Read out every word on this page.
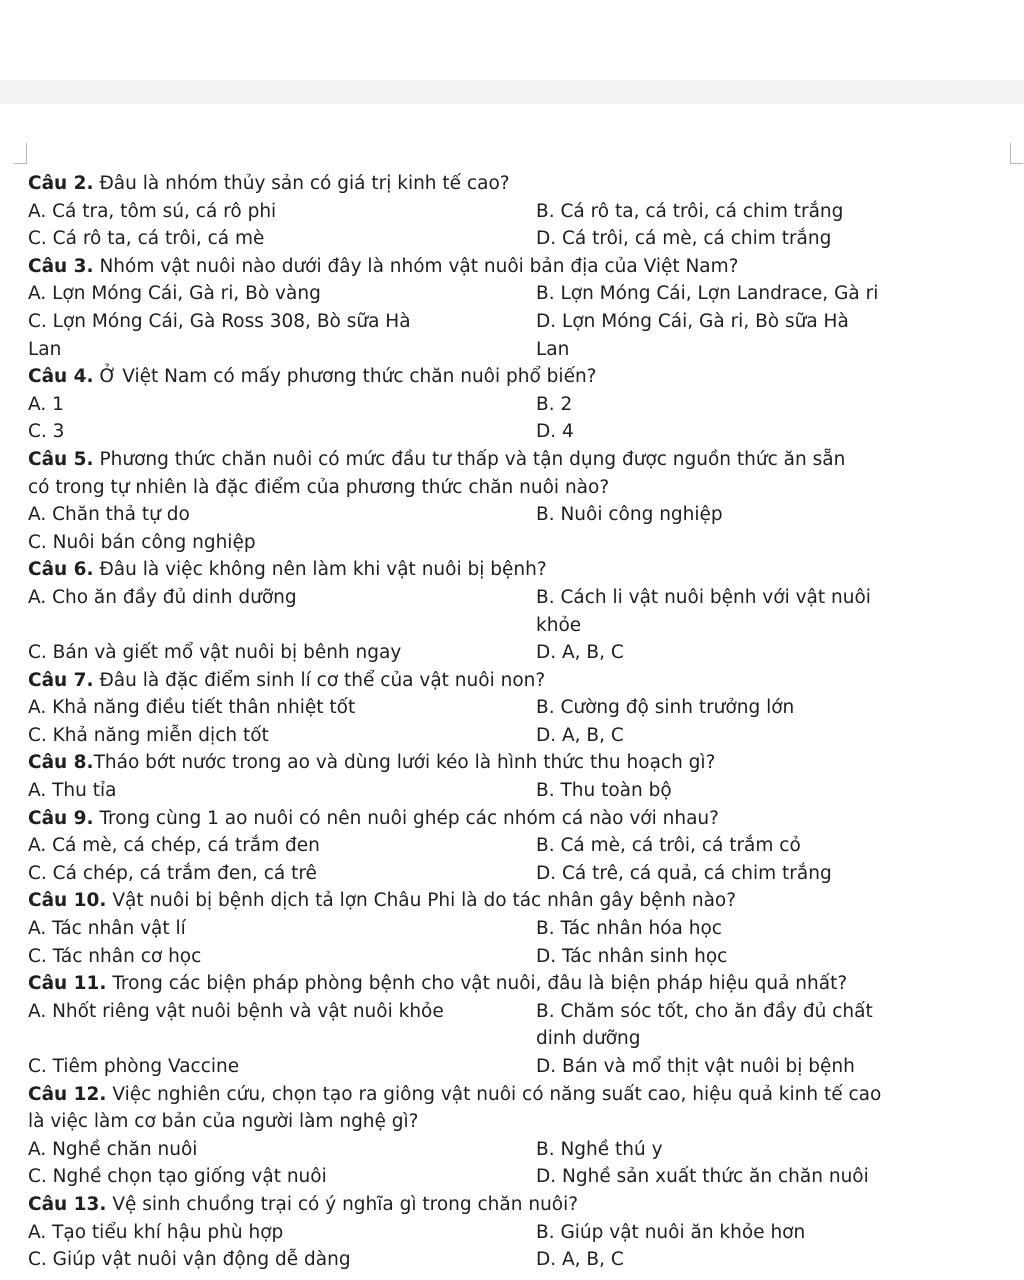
Câu 2. Đâu là nhóm thủy sản có giá trị kinh tế cao?
A. Cá tra, tôm sú, cá rô phi	B. Cá rô ta, cá trôi, cá chim trắng
C. Cá rô ta, cá trôi, cá mè	D. Cá trôi, cá mè, cá chim trắng
Câu 3. Nhóm vật nuôi nào dưới đây là nhóm vật nuôi bản địa của Việt Nam?
A. Lợn Móng Cái, Gà ri, Bò vàng	B. Lợn Móng Cái, Lợn Landrace, Gà ri
C. Lợn Móng Cái, Gà Ross 308, Bò sữa Hà	D. Lợn Móng Cái, Gà ri, Bò sữa Hà
Lan	Lan
Câu 4. Ở Việt Nam có mấy phương thức chăn nuôi phổ biến?
A. 1	B. 2
C. 3	D. 4
Câu 5. Phương thức chăn nuôi có mức đầu tư thấp và tận dụng được nguồn thức ăn sẵn
có trong tự nhiên là đặc điểm của phương thức chăn nuôi nào?
A. Chăn thả tự do	B. Nuôi công nghiệp
C. Nuôi bán công nghiệp
Câu 6. Đâu là việc không nên làm khi vật nuôi bị bệnh?
A. Cho ăn đầy đủ dinh dưỡng	B. Cách li vật nuôi bệnh với vật nuôi
khỏe
C. Bán và giết mổ vật nuôi bị bênh ngay	D. A, B, C
Câu 7. Đâu là đặc điểm sinh lí cơ thể của vật nuôi non?
A. Khả năng điều tiết thân nhiệt tốt	B. Cường độ sinh trưởng lớn
C. Khả năng miễn dịch tốt	D. A, B, C
Câu 8.Tháo bớt nước trong ao và dùng lưới kéo là hình thức thu hoạch gì?
A. Thu tỉa	B. Thu toàn bộ
Câu 9. Trong cùng 1 ao nuôi có nên nuôi ghép các nhóm cá nào với nhau?
A. Cá mè, cá chép, cá trắm đen	B. Cá mè, cá trôi, cá trắm cỏ
C. Cá chép, cá trắm đen, cá trê	D. Cá trê, cá quả, cá chim trắng
Câu 10. Vật nuôi bị bệnh dịch tả lợn Châu Phi là do tác nhân gây bệnh nào?
A. Tác nhân vật lí	B. Tác nhân hóa học
C. Tác nhân cơ học	D. Tác nhân sinh học
Câu 11. Trong các biện pháp phòng bệnh cho vật nuôi, đâu là biện pháp hiệu quả nhất?
A. Nhốt riêng vật nuôi bệnh và vật nuôi khỏe	B. Chăm sóc tốt, cho ăn đầy đủ chất
dinh dưỡng
C. Tiêm phòng Vaccine	D. Bán và mổ thịt vật nuôi bị bệnh
Câu 12. Việc nghiên cứu, chọn tạo ra giông vật nuôi có năng suất cao, hiệu quả kinh tế cao
là việc làm cơ bản của người làm nghệ gì?
A. Nghề chăn nuôi	B. Nghề thú y
C. Nghề chọn tạo giống vật nuôi	D. Nghề sản xuất thức ăn chăn nuôi
Câu 13. Vệ sinh chuồng trại có ý nghĩa gì trong chăn nuôi?
A. Tạo tiểu khí hậu phù hợp	B. Giúp vật nuôi ăn khỏe hơn
C. Giúp vật nuôi vận động dễ dàng	D. A, B, C
